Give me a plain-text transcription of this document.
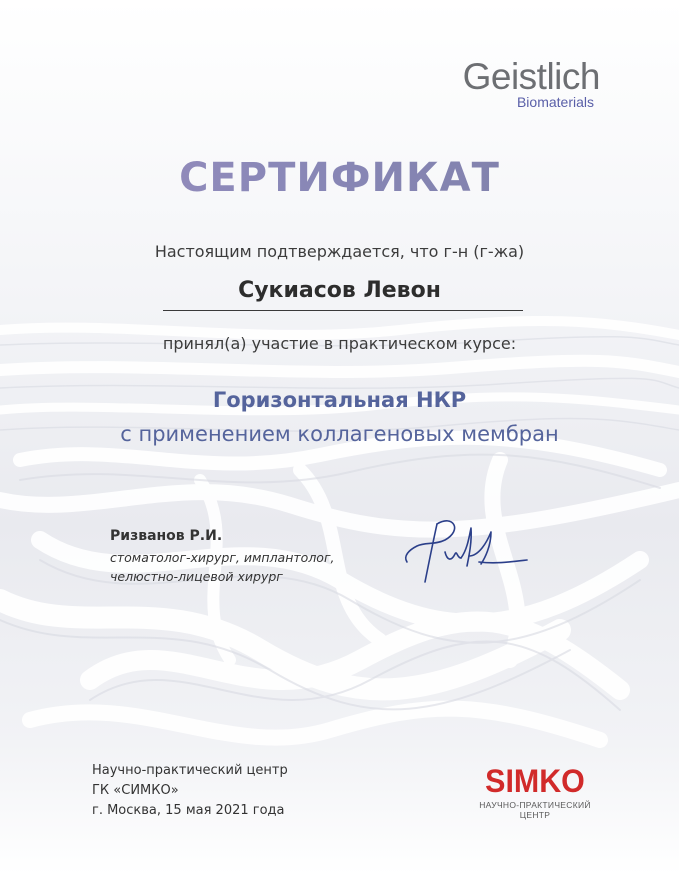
Geistlich
Biomaterials
СЕРТИФИКАТ
Настоящим подтверждается, что г-н (г-жа)
Сукиасов Левон
принял(а) участие в практическом курсе:
Горизонтальная НКР
с применением коллагеновых мембран
Ризванов Р.И.
стоматолог-хирург, имплантолог,
челюстно-лицевой хирург
Научно-практический центр
ГК «СИМКО»
г. Москва, 15 мая 2021 года
SIMKO
НАУЧНО-ПРАКТИЧЕСКИЙ ЦЕНТР
